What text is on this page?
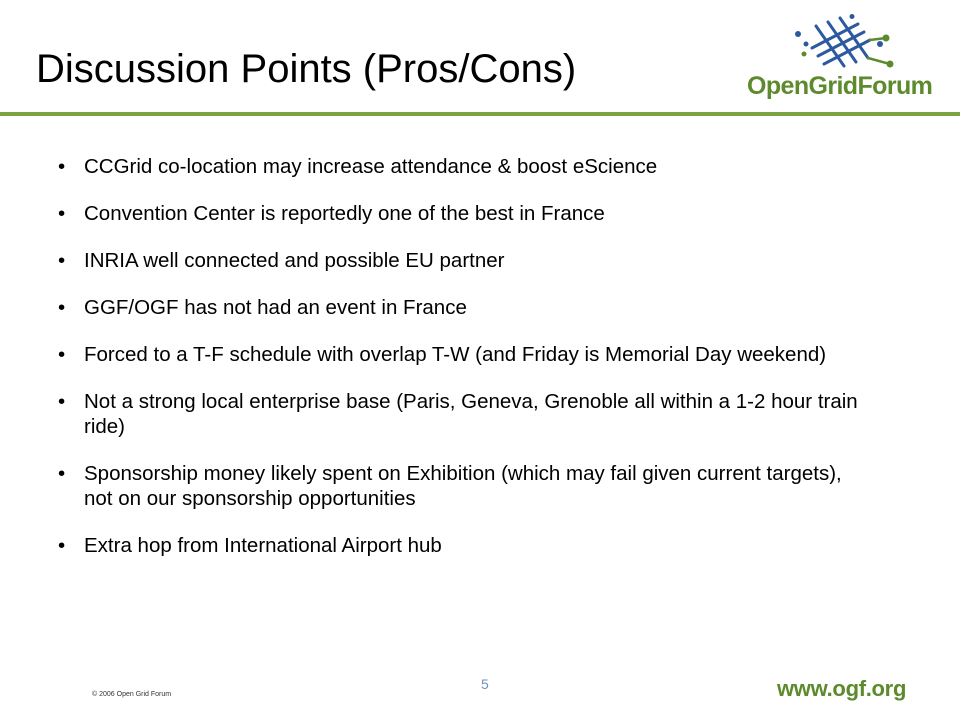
Discussion Points (Pros/Cons)	OpenGridForum
• CCGrid co-location may increase attendance & boost eScience
• Convention Center is reportedly one of the best in France
• INRIA well connected and possible EU partner
• GGF/OGF has not had an event in France
• Forced to a T-F schedule with overlap T-W (and Friday is Memorial Day weekend)
• Not a strong local enterprise base (Paris, Geneva, Grenoble all within a 1-2 hour train ride)
• Sponsorship money likely spent on Exhibition (which may fail given current targets), not on our sponsorship opportunities
• Extra hop from International Airport hub
© 2006 Open Grid Forum
5	www.ogf.org
